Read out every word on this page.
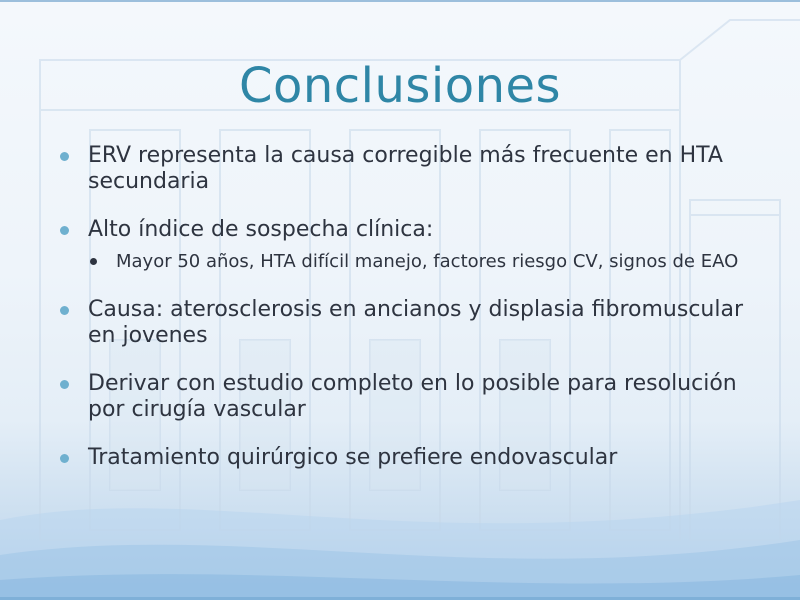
Conclusiones
ERV representa la causa corregible más frecuente en HTA secundaria
Alto índice de sospecha clínica:
Mayor 50 años, HTA difícil manejo, factores riesgo CV, signos de EAO
Causa: aterosclerosis en ancianos y displasia fibromuscular en jovenes
Derivar con estudio completo en lo posible para resolución por cirugía vascular
Tratamiento quirúrgico se prefiere endovascular
